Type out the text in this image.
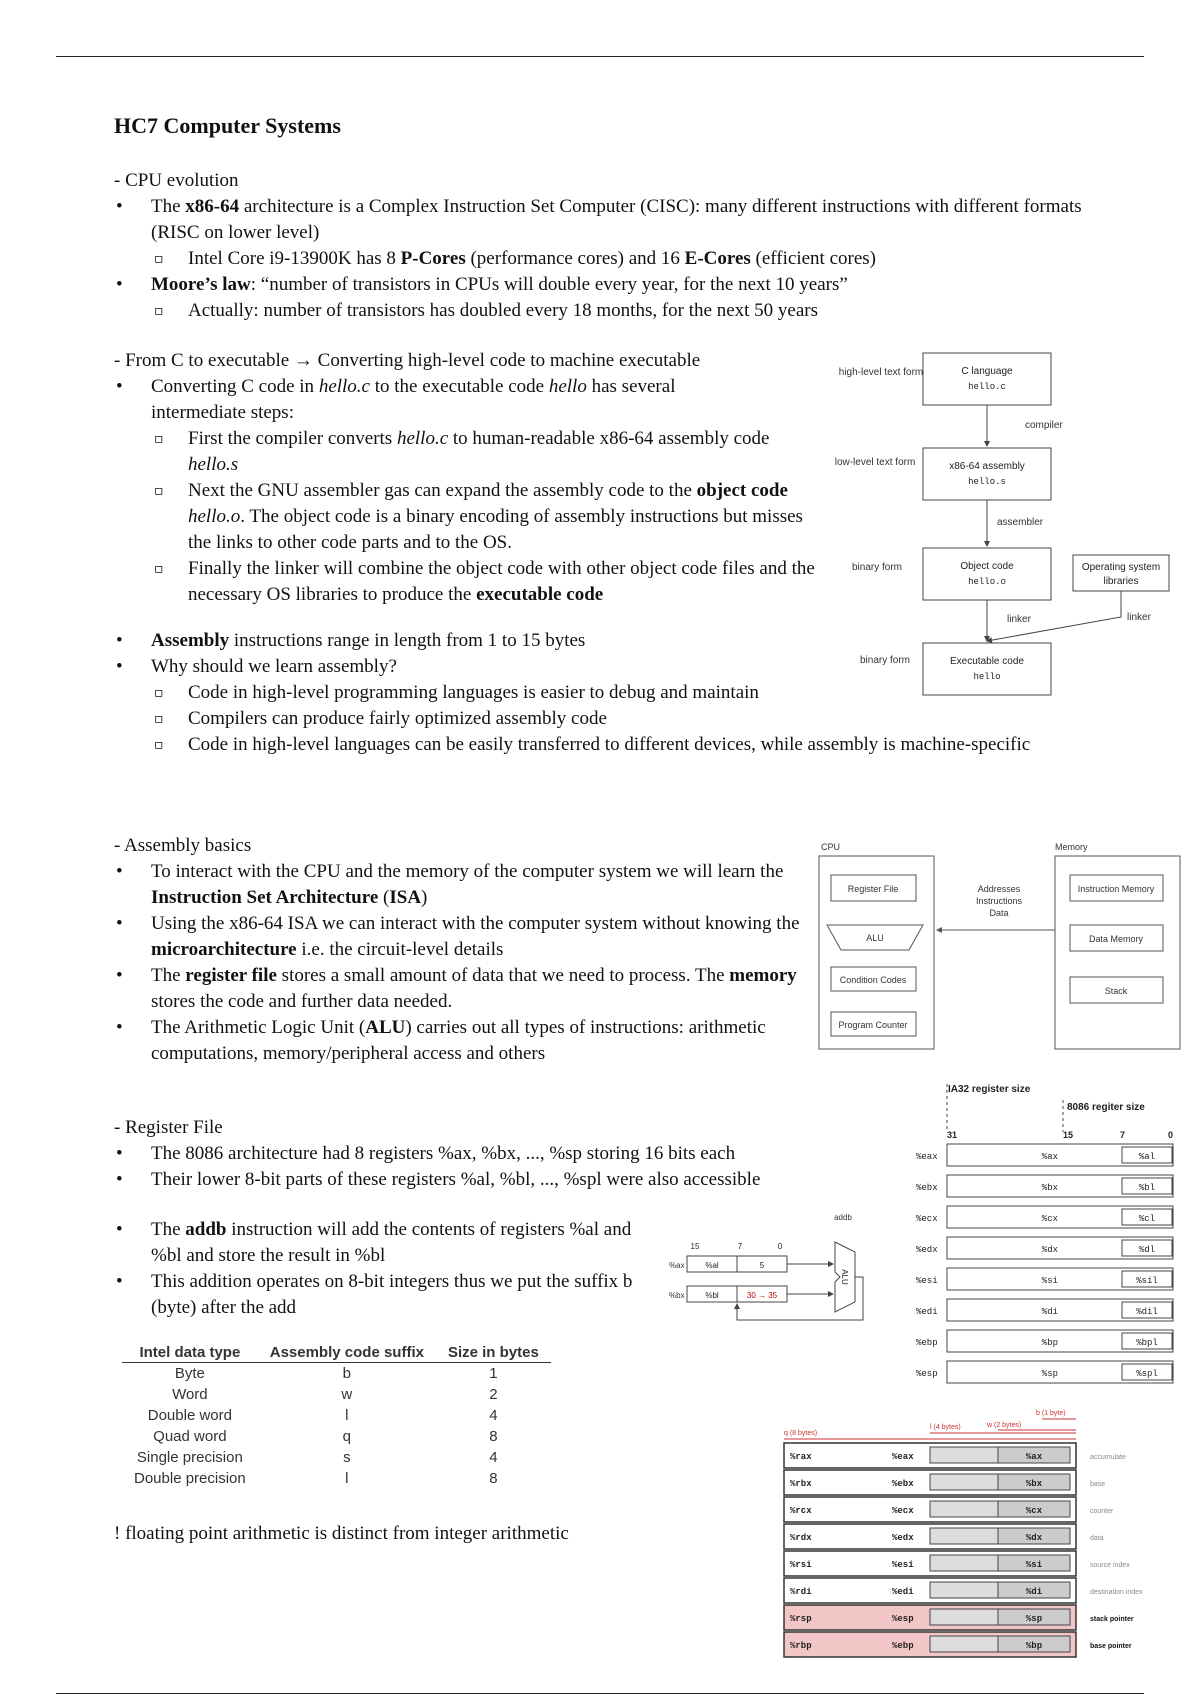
HC7 Computer Systems

- CPU evolution

• The x86-64 architecture is a Complex Instruction Set Computer (CISC): many different instructions with different formats (RISC on lower level)
▫ Intel Core i9-13900K has 8 P-Cores (performance cores) and 16 E-Cores (efficient cores)
• Moore’s law: “number of transistors in CPUs will double every year, for the next 10 years”
▫ Actually: number of transistors has doubled every 18 months, for the next 50 years

- From C to executable → Converting high-level code to machine executable

• Converting C code in hello.c to the executable code hello has several intermediate steps:
▫ First the compiler converts hello.c to human-readable x86-64 assembly code hello.s
▫ Next the GNU assembler gas can expand the assembly code to the object code hello.o. The object code is a binary encoding of assembly instructions but misses the links to other code parts and to the OS.
▫ Finally the linker will combine the object code with other object code files and the necessary OS libraries to produce the executable code
• Assembly instructions range in length from 1 to 15 bytes
• Why should we learn assembly?
▫ Code in high-level programming languages is easier to debug and maintain
▫ Compilers can produce fairly optimized assembly code
▫ Code in high-level languages can be easily transferred to different devices, while assembly is machine-specific
high-level text form
low-level text form
binary form
binary form
C language
hello.c
x86-64 assembly
hello.s
Object code
hello.o
Executable code
hello
Operating system
libraries
compiler
assembler
linker	linker

- Assembly basics

• To interact with the CPU and the memory of the computer system we will learn the Instruction Set Architecture (ISA)
• Using the x86-64 ISA we can interact with the computer system without knowing the microarchitecture i.e. the circuit-level details
• The register file stores a small amount of data that we need to process. The memory stores the code and further data needed.
• The Arithmetic Logic Unit (ALU) carries out all types of instructions: arithmetic computations, memory/peripheral access and others
CPU	Memory
Register File
ALU
Condition Codes
Program Counter
Instruction Memory
Data Memory
Stack
Addresses
Instructions
Data

- Register File

• The 8086 architecture had 8 registers %ax, %bx, ..., %sp storing 16 bits each
• Their lower 8-bit parts of these registers %al, %bl, ..., %spl were also accessible
• The addb instruction will add the contents of registers %al and %bl and store the result in %bl
• This addition operates on 8-bit integers thus we put the suffix b (byte) after the add
addb
15	7	0
%ax
%bx
%al	5
%bl	30 → 35
ALU
IA32 register size
8086 regiter size
31	15	7	0
%eax	%ax	%al
%ebx	%bx	%bl
%ecx	%cx	%cl
%edx	%dx	%dl
%esi	%si	%sil
%edi	%di	%dil
%ebp	%bp	%bpl
%esp	%sp	%spl
Intel data type	Assembly code suffix	Size in bytes
Byte	b	1
Word	w	2
Double word	l	4
Quad word	q	8
Single precision	s	4
Double precision	l	8
! floating point arithmetic is distinct from integer arithmetic
q (8 bytes)
l (4 bytes)	w (2 bytes)
b (1 byte)
%rax	%eax	%ax	accumulate
%rbx	%ebx	%bx	base
%rcx	%ecx	%cx	counter
%rdx	%edx	%dx	data
%rsi	%esi	%si	source index
%rdi	%edi	%di	destination index
%rsp	%esp	%sp	stack pointer
%rbp	%ebp	%bp	base pointer
